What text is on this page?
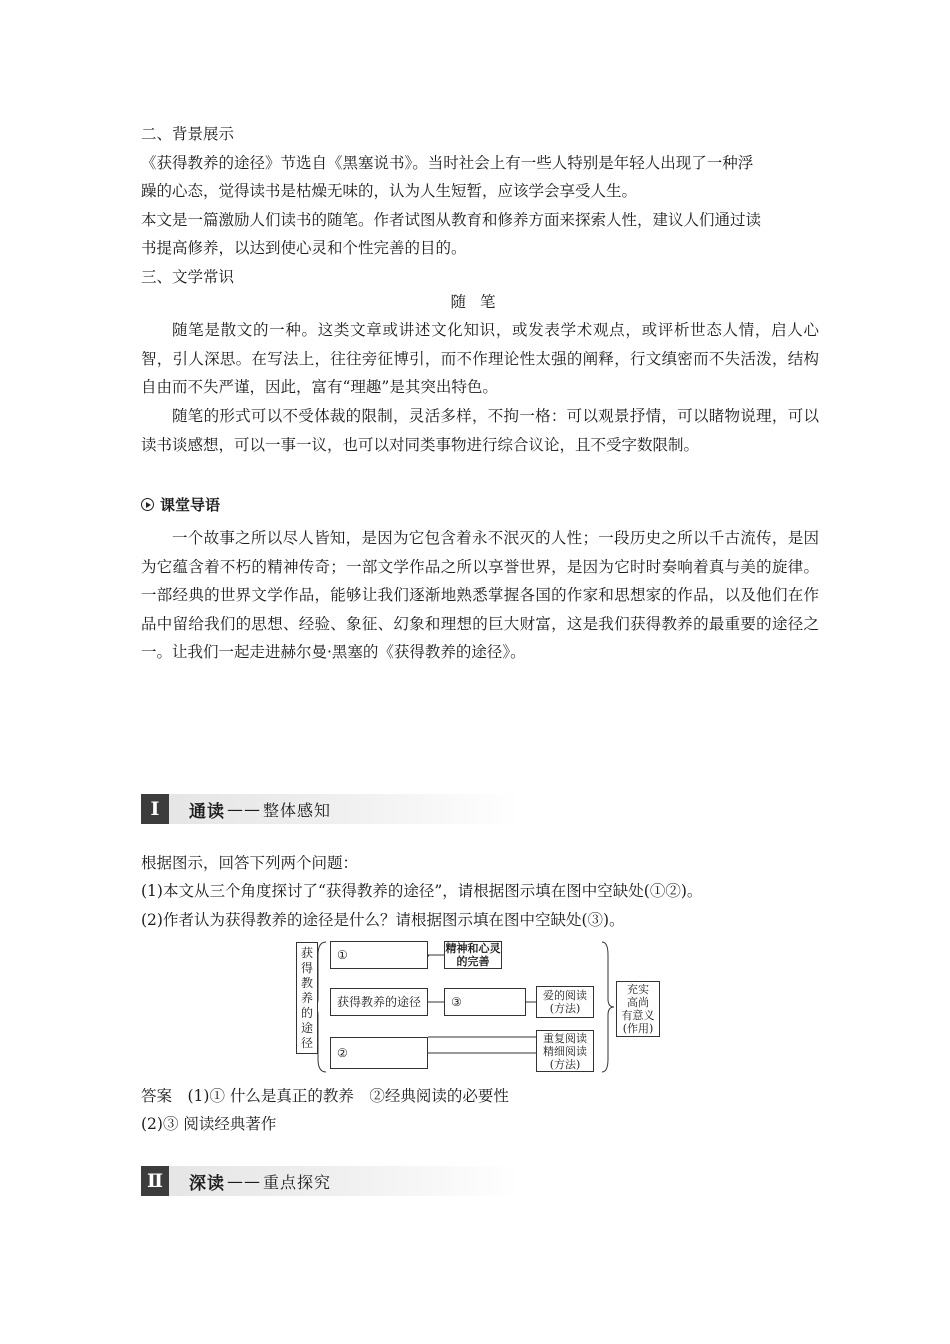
二、背景展示
《获得教养的途径》节选自《黑塞说书》。当时社会上有一些人特别是年轻人出现了一种浮
躁的心态，觉得读书是枯燥无味的，认为人生短暂，应该学会享受人生。
本文是一篇激励人们读书的随笔。作者试图从教育和修养方面来探索人性，建议人们通过读
书提高修养，以达到使心灵和个性完善的目的。
三、文学常识
随笔
随笔是散文的一种。这类文章或讲述文化知识，或发表学术观点，或评析世态人情，启人心智，引人深思。在写法上，往往旁征博引，而不作理论性太强的阐释，行文缜密而不失活泼，结构自由而不失严谨，因此，富有“理趣”是其突出特色。
随笔的形式可以不受体裁的限制，灵活多样，不拘一格：可以观景抒情，可以睹物说理，可以读书谈感想，可以一事一议，也可以对同类事物进行综合议论，且不受字数限制。
课堂导语
一个故事之所以尽人皆知，是因为它包含着永不泯灭的人性；一段历史之所以千古流传，是因为它蕴含着不朽的精神传奇；一部文学作品之所以享誉世界，是因为它时时奏响着真与美的旋律。一部经典的世界文学作品，能够让我们逐渐地熟悉掌握各国的作家和思想家的作品，以及他们在作品中留给我们的思想、经验、象征、幻象和理想的巨大财富，这是我们获得教养的最重要的途径之一。让我们一起走进赫尔曼·黑塞的《获得教养的途径》。
Ⅰ	通读 —— 整体感知
根据图示，回答下列两个问题：
(1)本文从三个角度探讨了“获得教养的途径”，请根据图示填在图中空缺处(①②)。
(2)作者认为获得教养的途径是什么？请根据图示填在图中空缺处(③)。
获得教养的途径
①
获得教养的途径
②
③
精神和心灵的完善
爱的阅读
(方法)
重复阅读
精细阅读
(方法)
充实
高尚
有意义
(作用)
答案　(1)① 什么是真正的教养　②经典阅读的必要性
(2)③ 阅读经典著作
Ⅱ	深读 —— 重点探究
